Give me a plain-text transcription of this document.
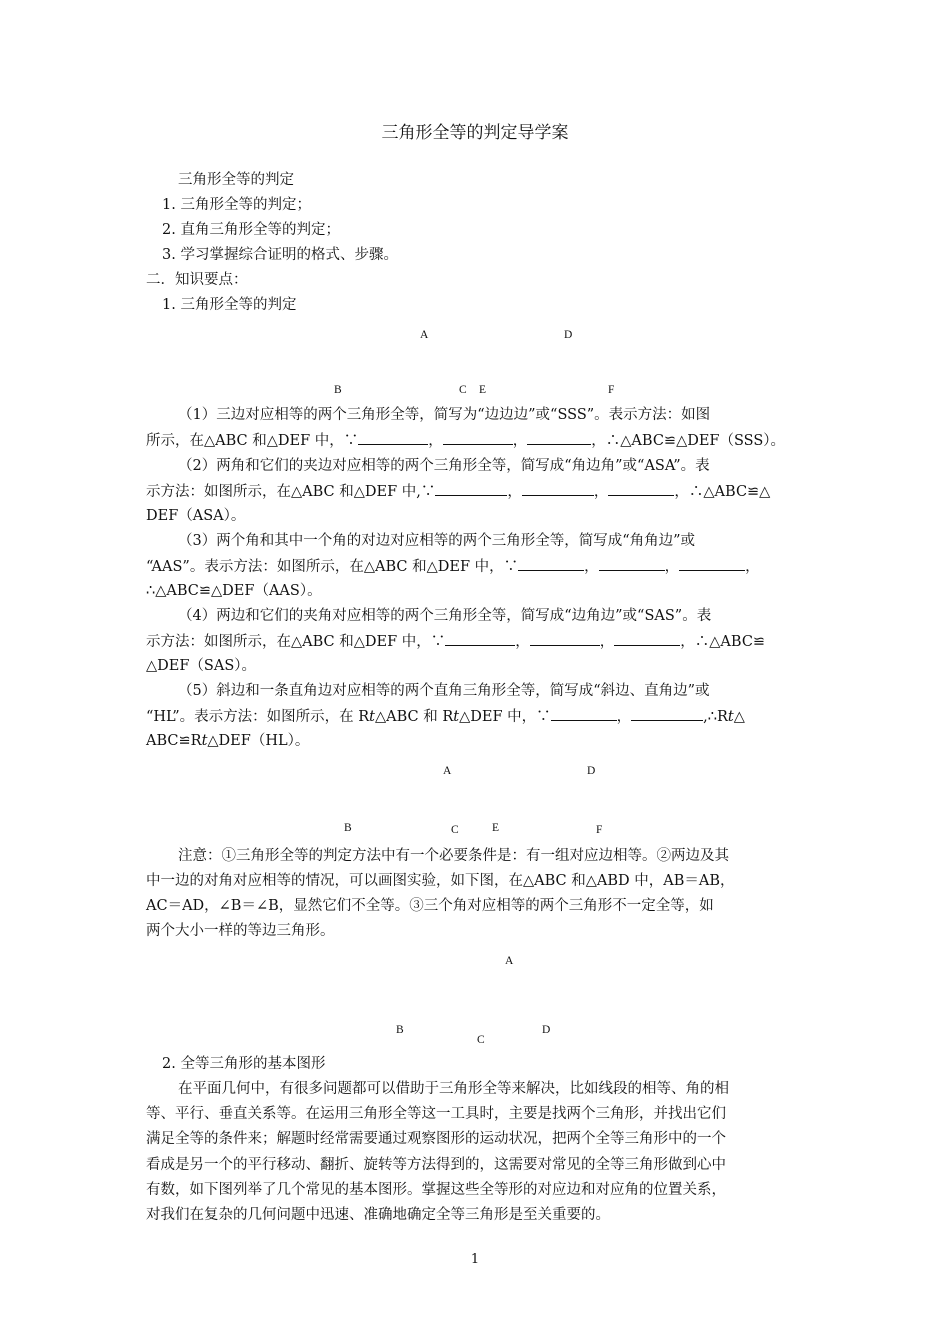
三角形全等的判定导学案
三角形全等的判定
1. 三角形全等的判定；
2. 直角三角形全等的判定；
3. 学习掌握综合证明的格式、步骤。
二．知识要点：
1. 三角形全等的判定
A	D
B	C E	F
（1）三边对应相等的两个三角形全等，简写为“边边边”或“SSS”。表示方法：如图
所示，在△ABC 和△DEF 中，∵	，	，	，∴△ABC≌△DEF（SSS）。
（2）两角和它们的夹边对应相等的两个三角形全等，简写成“角边角”或“ASA”。表
示方法：如图所示，在△ABC 和△DEF 中,∵	，	，	，∴△ABC≌△
DEF（ASA）。
（3）两个角和其中一个角的对边对应相等的两个三角形全等，简写成“角角边”或
“AAS”。表示方法：如图所示，在△ABC 和△DEF 中，∵	，	，	，
∴△ABC≌△DEF（AAS）。
（4）两边和它们的夹角对应相等的两个三角形全等，简写成“边角边”或“SAS”。表
示方法：如图所示，在△ABC 和△DEF 中，∵	，	，	，∴△ABC≌
△DEF（SAS）。
（5）斜边和一条直角边对应相等的两个直角三角形全等，简写成“斜边、直角边”或
“HL”。表示方法：如图所示，在 Rt△ABC 和 Rt△DEF 中，∵	，	,∴Rt△
ABC≌Rt△DEF（HL）。
A	D
B	C	E	F
注意：①三角形全等的判定方法中有一个必要条件是：有一组对应边相等。②两边及其
中一边的对角对应相等的情况，可以画图实验，如下图，在△ABC 和△ABD 中，AB＝AB，
AC＝AD，∠B＝∠B，显然它们不全等。③三个角对应相等的两个三角形不一定全等，如
两个大小一样的等边三角形。
A
B
C
D
2. 全等三角形的基本图形
在平面几何中，有很多问题都可以借助于三角形全等来解决，比如线段的相等、角的相
等、平行、垂直关系等。在运用三角形全等这一工具时，主要是找两个三角形，并找出它们
满足全等的条件来；解题时经常需要通过观察图形的运动状况，把两个全等三角形中的一个
看成是另一个的平行移动、翻折、旋转等方法得到的，这需要对常见的全等三角形做到心中
有数，如下图列举了几个常见的基本图形。掌握这些全等形的对应边和对应角的位置关系，
对我们在复杂的几何问题中迅速、准确地确定全等三角形是至关重要的。
1
